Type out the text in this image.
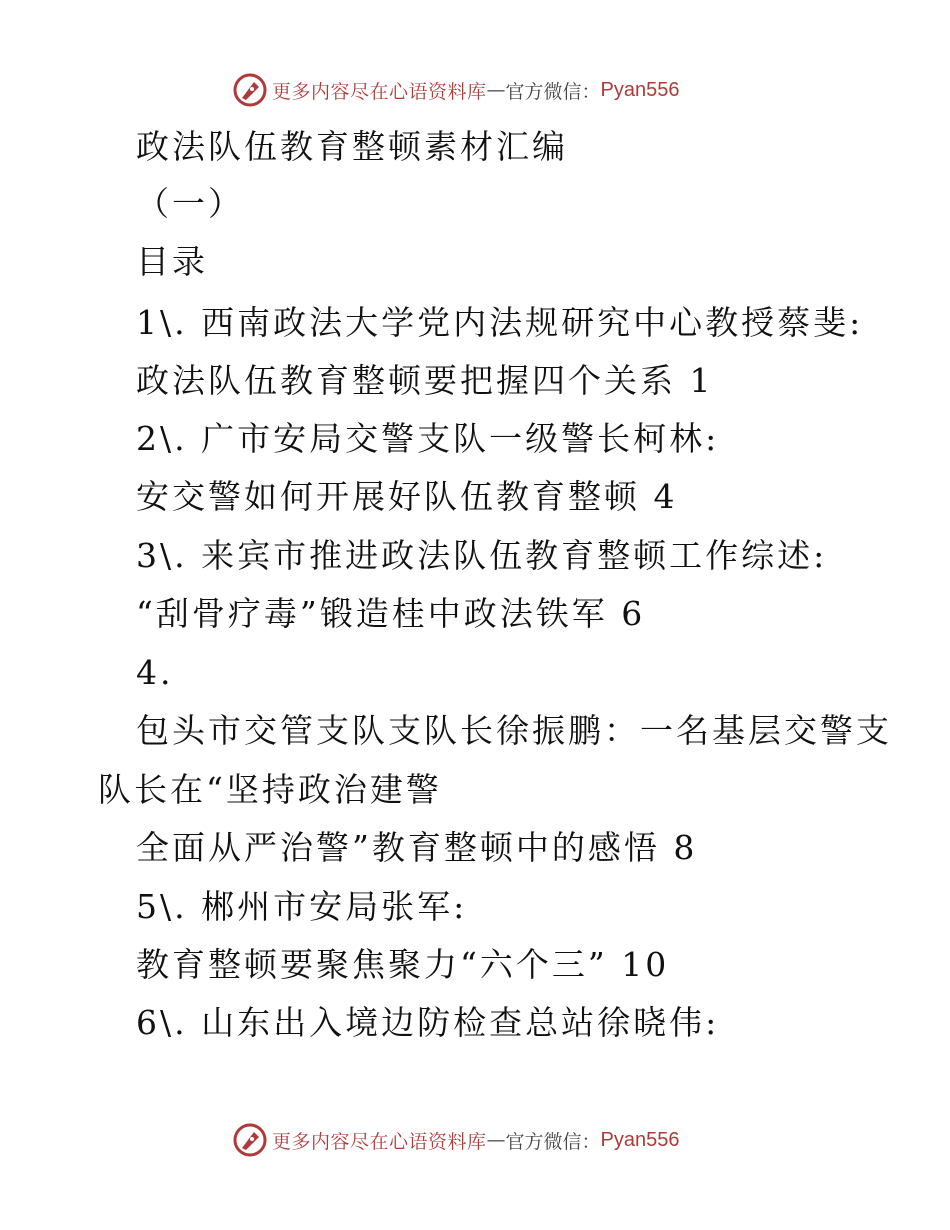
更多内容尽在心语资料库 — 官方微信： Pyan556
政法队伍教育整顿素材汇编
（一）
目录
1\. 西南政法大学党内法规研究中心教授蔡斐:
政法队伍教育整顿要把握四个关系 1
2\. 广市安局交警支队一级警长柯林:
安交警如何开展好队伍教育整顿 4
3\. 来宾市推进政法队伍教育整顿工作综述:
“刮骨疗毒”锻造桂中政法铁军 6
4.
包头市交管支队支队长徐振鹏：一名基层交警支
队长在“坚持政治建警
全面从严治警”教育整顿中的感悟 8
5\. 郴州市安局张军:
教育整顿要聚焦聚力“六个三” 10
6\. 山东出入境边防检查总站徐晓伟:
更多内容尽在心语资料库 — 官方微信： Pyan556
